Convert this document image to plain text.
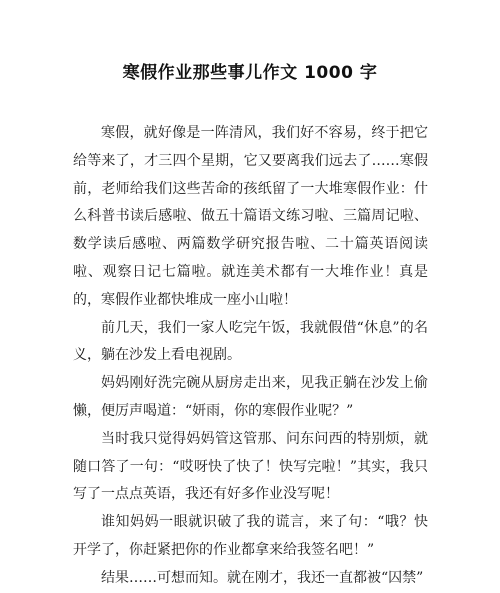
寒假作业那些事儿作文 1000 字

寒假，就好像是一阵清风，我们好不容易，终于把它给等来了，才三四个星期，它又要离我们远去了……寒假前，老师给我们这些苦命的孩纸留了一大堆寒假作业：什么科普书读后感啦、做五十篇语文练习啦、三篇周记啦、数学读后感啦、两篇数学研究报告啦、二十篇英语阅读啦、观察日记七篇啦。就连美术都有一大堆作业！真是的，寒假作业都快堆成一座小山啦！

前几天，我们一家人吃完午饭，我就假借“休息”的名义，躺在沙发上看电视剧。

妈妈刚好洗完碗从厨房走出来，见我正躺在沙发上偷懒，便厉声喝道：“妍雨，你的寒假作业呢？”

当时我只觉得妈妈管这管那、问东问西的特别烦，就随口答了一句：“哎呀快了快了！快写完啦！”其实，我只写了一点点英语，我还有好多作业没写呢！

谁知妈妈一眼就识破了我的谎言，来了句：“哦？快开学了，你赶紧把你的作业都拿来给我签名吧！”

结果……可想而知。就在刚才，我还一直都被“囚禁”
